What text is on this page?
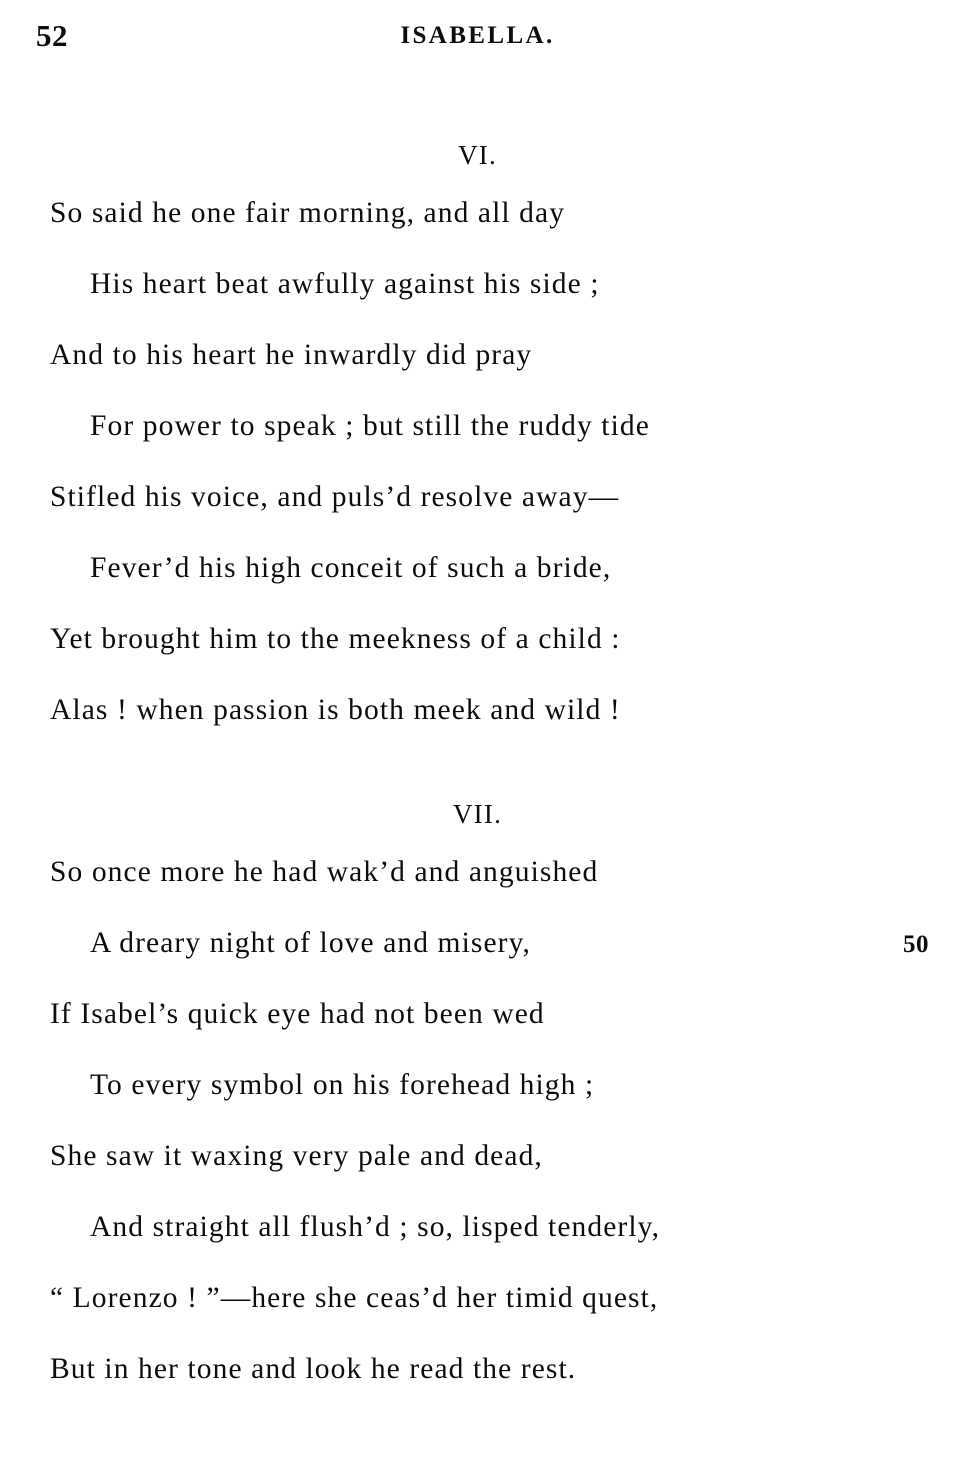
52	ISABELLA.
VI.
So said he one fair morning, and all day
His heart beat awfully against his side ;
And to his heart he inwardly did pray
For power to speak ; but still the ruddy tide
Stifled his voice, and puls’d resolve away—
Fever’d his high conceit of such a bride,
Yet brought him to the meekness of a child :
Alas ! when passion is both meek and wild !
VII.
So once more he had wak’d and anguished
A dreary night of love and misery,	50
If Isabel’s quick eye had not been wed
To every symbol on his forehead high ;
She saw it waxing very pale and dead,
And straight all flush’d ; so, lisped tenderly,
“ Lorenzo ! ”—here she ceas’d her timid quest,
But in her tone and look he read the rest.
